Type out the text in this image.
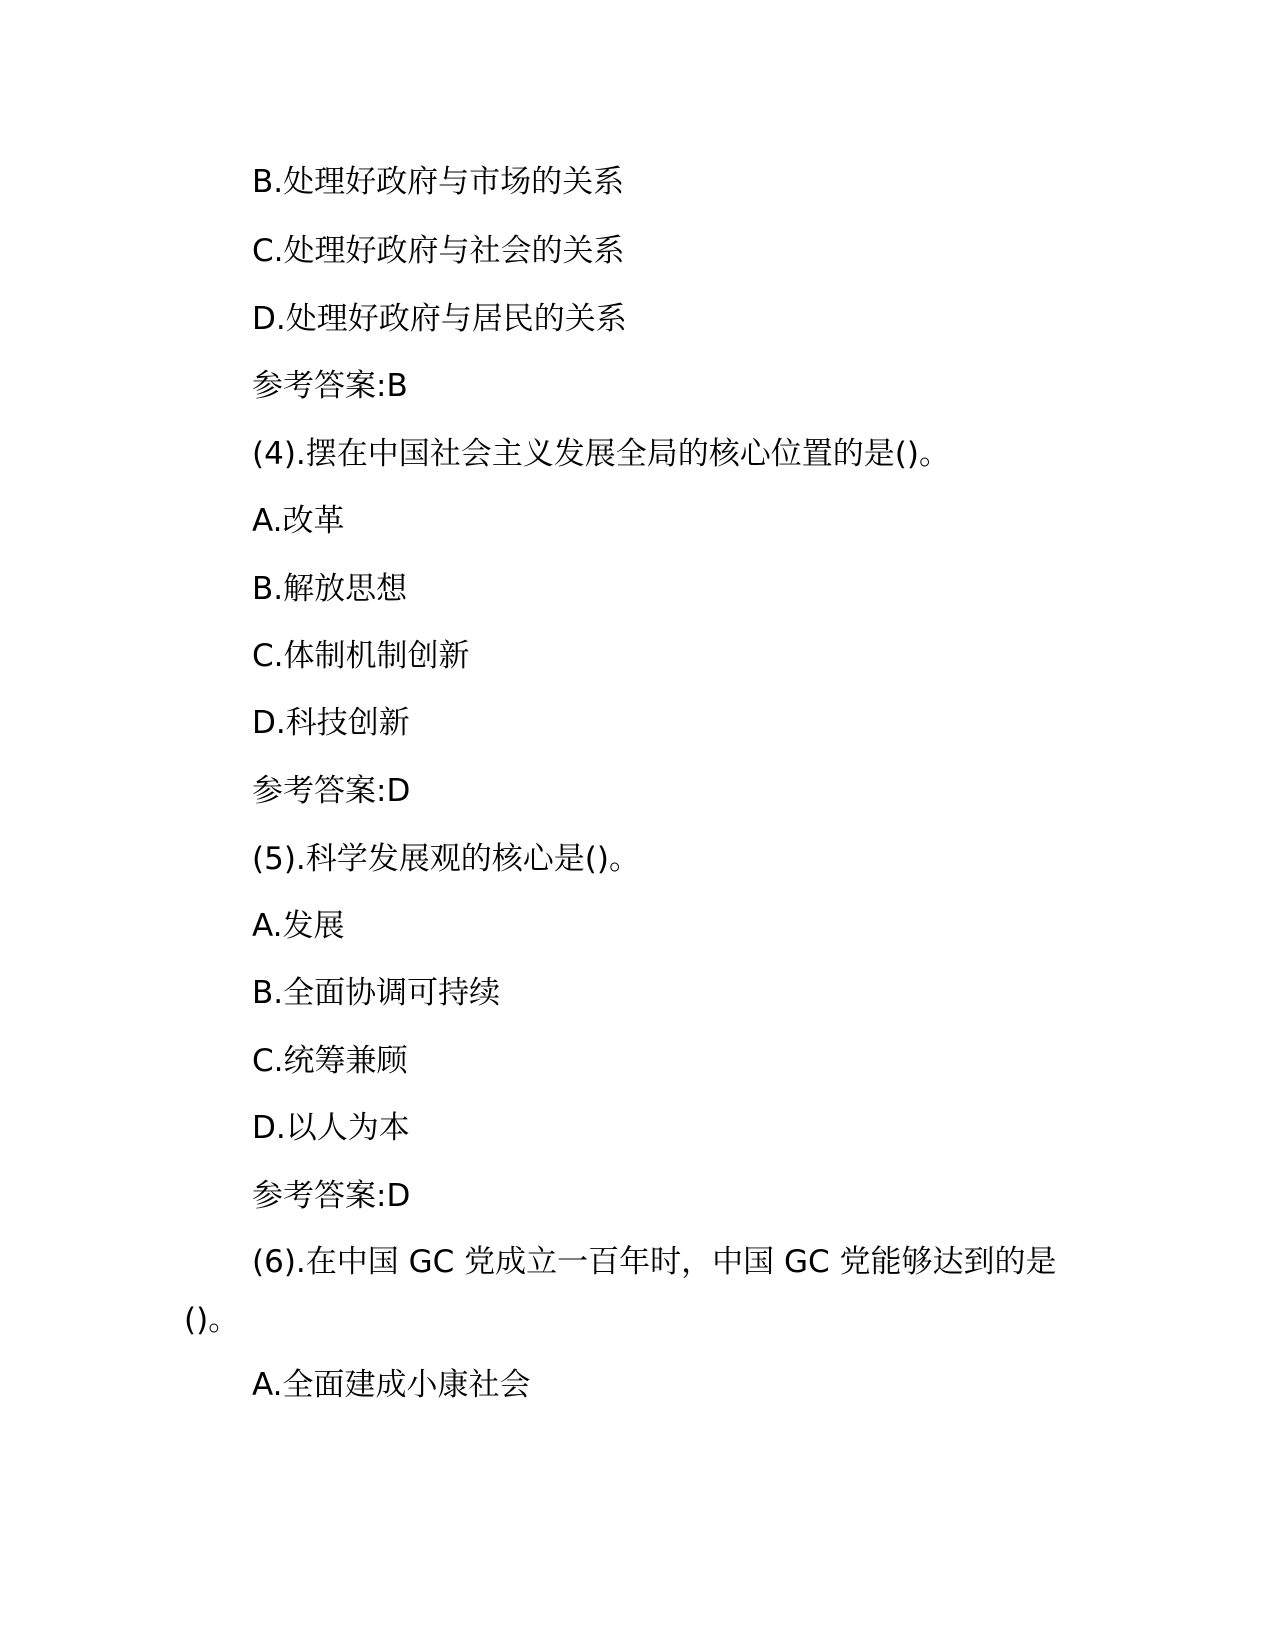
B.处理好政府与市场的关系
C.处理好政府与社会的关系
D.处理好政府与居民的关系
参考答案:B
(4).摆在中国社会主义发展全局的核心位置的是()。
A.改革
B.解放思想
C.体制机制创新
D.科技创新
参考答案:D
(5).科学发展观的核心是()。
A.发展
B.全面协调可持续
C.统筹兼顾
D.以人为本
参考答案:D

(6).在中国 GC 党成立一百年时，中国 GC 党能够达到的是()。

A.全面建成小康社会
